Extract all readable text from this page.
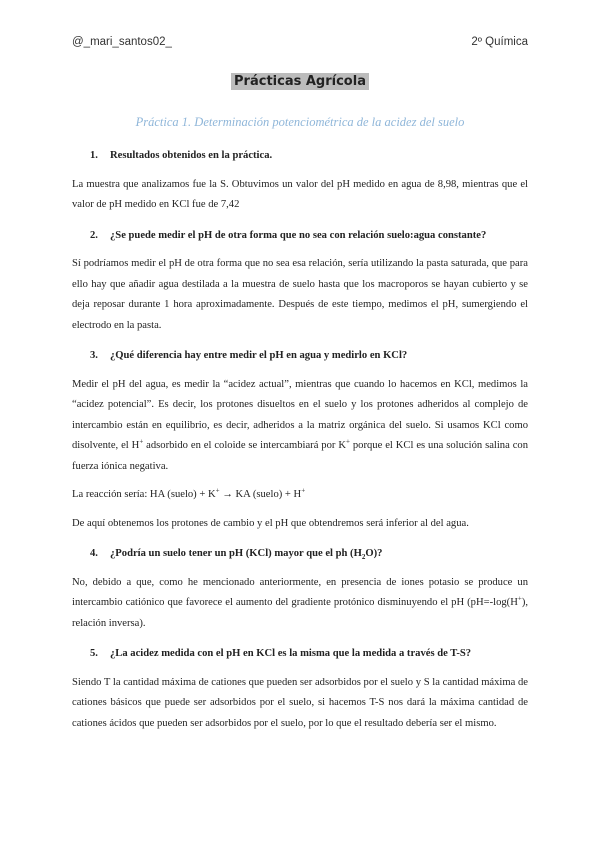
@_mari_santos02_	2º Química
Prácticas Agrícola
Práctica 1. Determinación potenciométrica de la acidez del suelo

1. Resultados obtenidos en la práctica.

La muestra que analizamos fue la S. Obtuvimos un valor del pH medido en agua de 8,98, mientras que el valor de pH medido en KCl fue de 7,42

2. ¿Se puede medir el pH de otra forma que no sea con relación suelo:agua constante?

Sí podríamos medir el pH de otra forma que no sea esa relación, sería utilizando la pasta saturada, que para ello hay que añadir agua destilada a la muestra de suelo hasta que los macroporos se hayan cubierto y se deja reposar durante 1 hora aproximadamente. Después de este tiempo, medimos el pH, sumergiendo el electrodo en la pasta.

3. ¿Qué diferencia hay entre medir el pH en agua y medirlo en KCl?

Medir el pH del agua, es medir la “acidez actual”, mientras que cuando lo hacemos en KCl, medimos la “acidez potencial”. Es decir, los protones disueltos en el suelo y los protones adheridos al complejo de intercambio están en equilibrio, es decir, adheridos a la matriz orgánica del suelo. Si usamos KCl como disolvente, el H+ adsorbido en el coloide se intercambiará por K+ porque el KCl es una solución salina con fuerza iónica negativa.

La reacción sería: HA (suelo) + K+ → KA (suelo) + H+

De aquí obtenemos los protones de cambio y el pH que obtendremos será inferior al del agua.

4. ¿Podría un suelo tener un pH (KCl) mayor que el ph $(H_2O)$?

No, debido a que, como he mencionado anteriormente, en presencia de iones potasio se produce un intercambio catiónico que favorece el aumento del gradiente protónico disminuyendo el pH (pH=-log(H+), relación inversa).

5. ¿La acidez medida con el pH en KCl es la misma que la medida a través de T-S?

Siendo T la cantidad máxima de cationes que pueden ser adsorbidos por el suelo y S la cantidad máxima de cationes básicos que puede ser adsorbidos por el suelo, si hacemos T-S nos dará la máxima cantidad de cationes ácidos que pueden ser adsorbidos por el suelo, por lo que el resultado debería ser el mismo.
